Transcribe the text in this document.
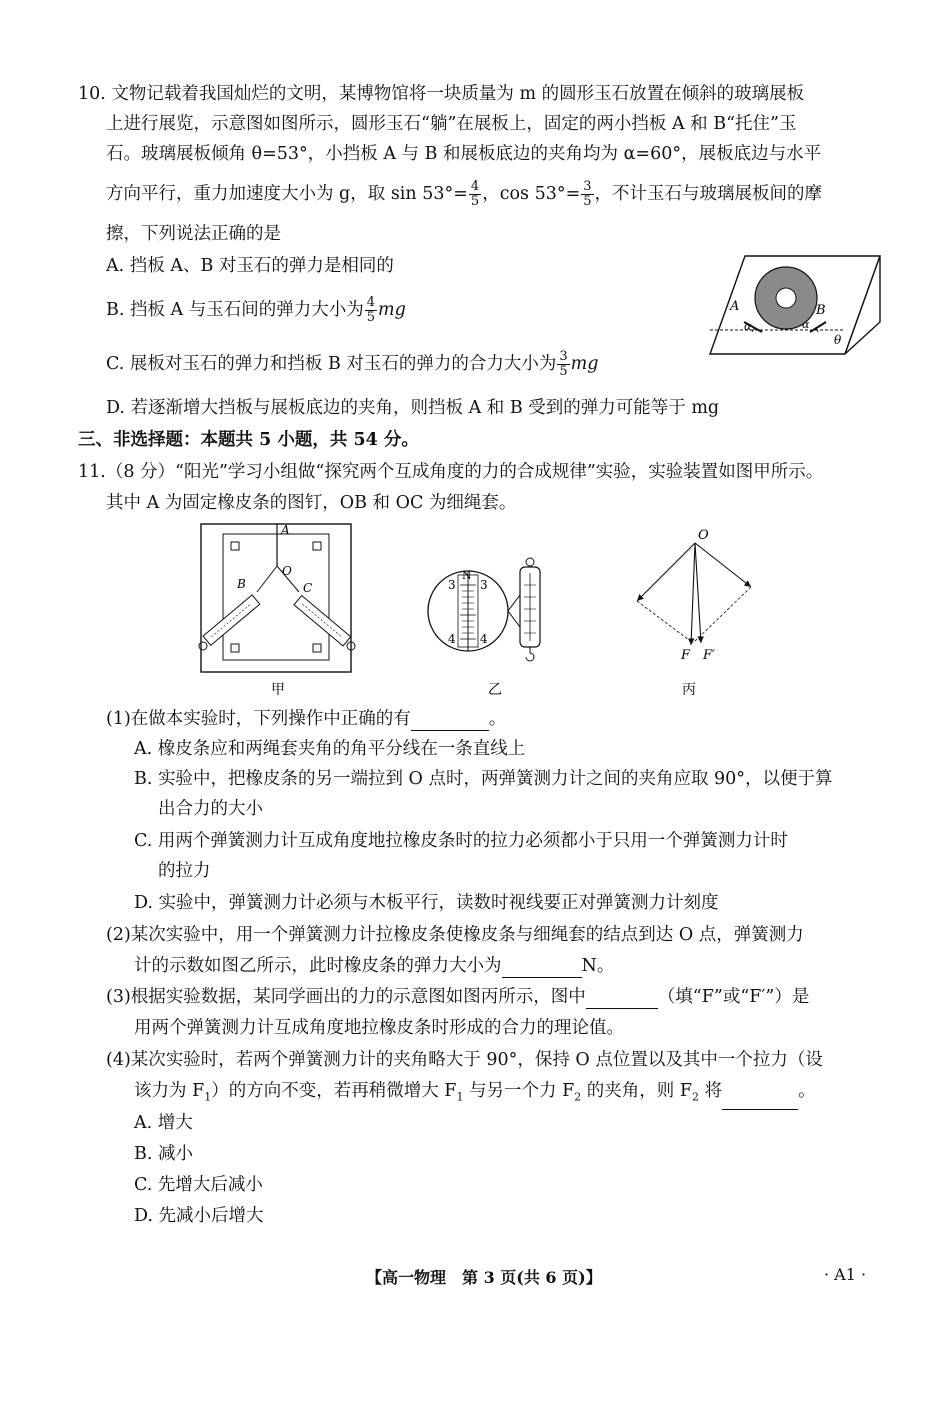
10. 文物记载着我国灿烂的文明，某博物馆将一块质量为 m 的圆形玉石放置在倾斜的玻璃展板
上进行展览，示意图如图所示，圆形玉石“躺”在展板上，固定的两小挡板 A 和 B“托住”玉
石。玻璃展板倾角 θ=53°，小挡板 A 与 B 和展板底边的夹角均为 α=60°，展板底边与水平
方向平行，重力加速度大小为 g，取 $\sin 53^\circ= \frac{4}{5}$ ，$\cos 53^\circ= \frac{3}{5}$ ，不计玉石与玻璃展板间的摩
擦，下列说法正确的是
A. 挡板 A、B 对玉石的弹力是相同的
B. 挡板 A 与玉石间的弹力大小为 $\frac{4}{5}$ mg
C. 展板对玉石的弹力和挡板 B 对玉石的弹力的合力大小为 $\frac{3}{5}$ mg
D. 若逐渐增大挡板与展板底边的夹角，则挡板 A 和 B 受到的弹力可能等于 mg
A	B
α	α
θ
三、非选择题：本题共 5 小题，共 54 分。
11.（8 分）“阳光”学习小组做“探究两个互成角度的力的合成规律”实验，实验装置如图甲所示。
其中 A 为固定橡皮条的图钉，OB 和 OC 为细绳套。
A
O
B	C
甲
N
3 3
4 4
乙
O
F F′
丙
(1)在做本实验时，下列操作中正确的有	。
A. 橡皮条应和两绳套夹角的角平分线在一条直线上
B. 实验中，把橡皮条的另一端拉到 O 点时，两弹簧测力计之间的夹角应取 90°，以便于算
出合力的大小
C. 用两个弹簧测力计互成角度地拉橡皮条时的拉力必须都小于只用一个弹簧测力计时
的拉力
D. 实验中，弹簧测力计必须与木板平行，读数时视线要正对弹簧测力计刻度
(2)某次实验中，用一个弹簧测力计拉橡皮条使橡皮条与细绳套的结点到达 O 点，弹簧测力
计的示数如图乙所示，此时橡皮条的弹力大小为	N。
(3)根据实验数据，某同学画出的力的示意图如图丙所示，图中	（填“F”或“F′”）是
用两个弹簧测力计互成角度地拉橡皮条时形成的合力的理论值。
(4)某次实验时，若两个弹簧测力计的夹角略大于 90°，保持 O 点位置以及其中一个拉力（设
该力为 $F_1$）的方向不变，若再稍微增大 $F_1$ 与另一个力 $F_2$ 的夹角，则 $F_2$ 将	。
A. 增大
B. 减小
C. 先增大后减小
D. 先减小后增大
【高一物理　第 3 页(共 6 页)】	· A1 ·
